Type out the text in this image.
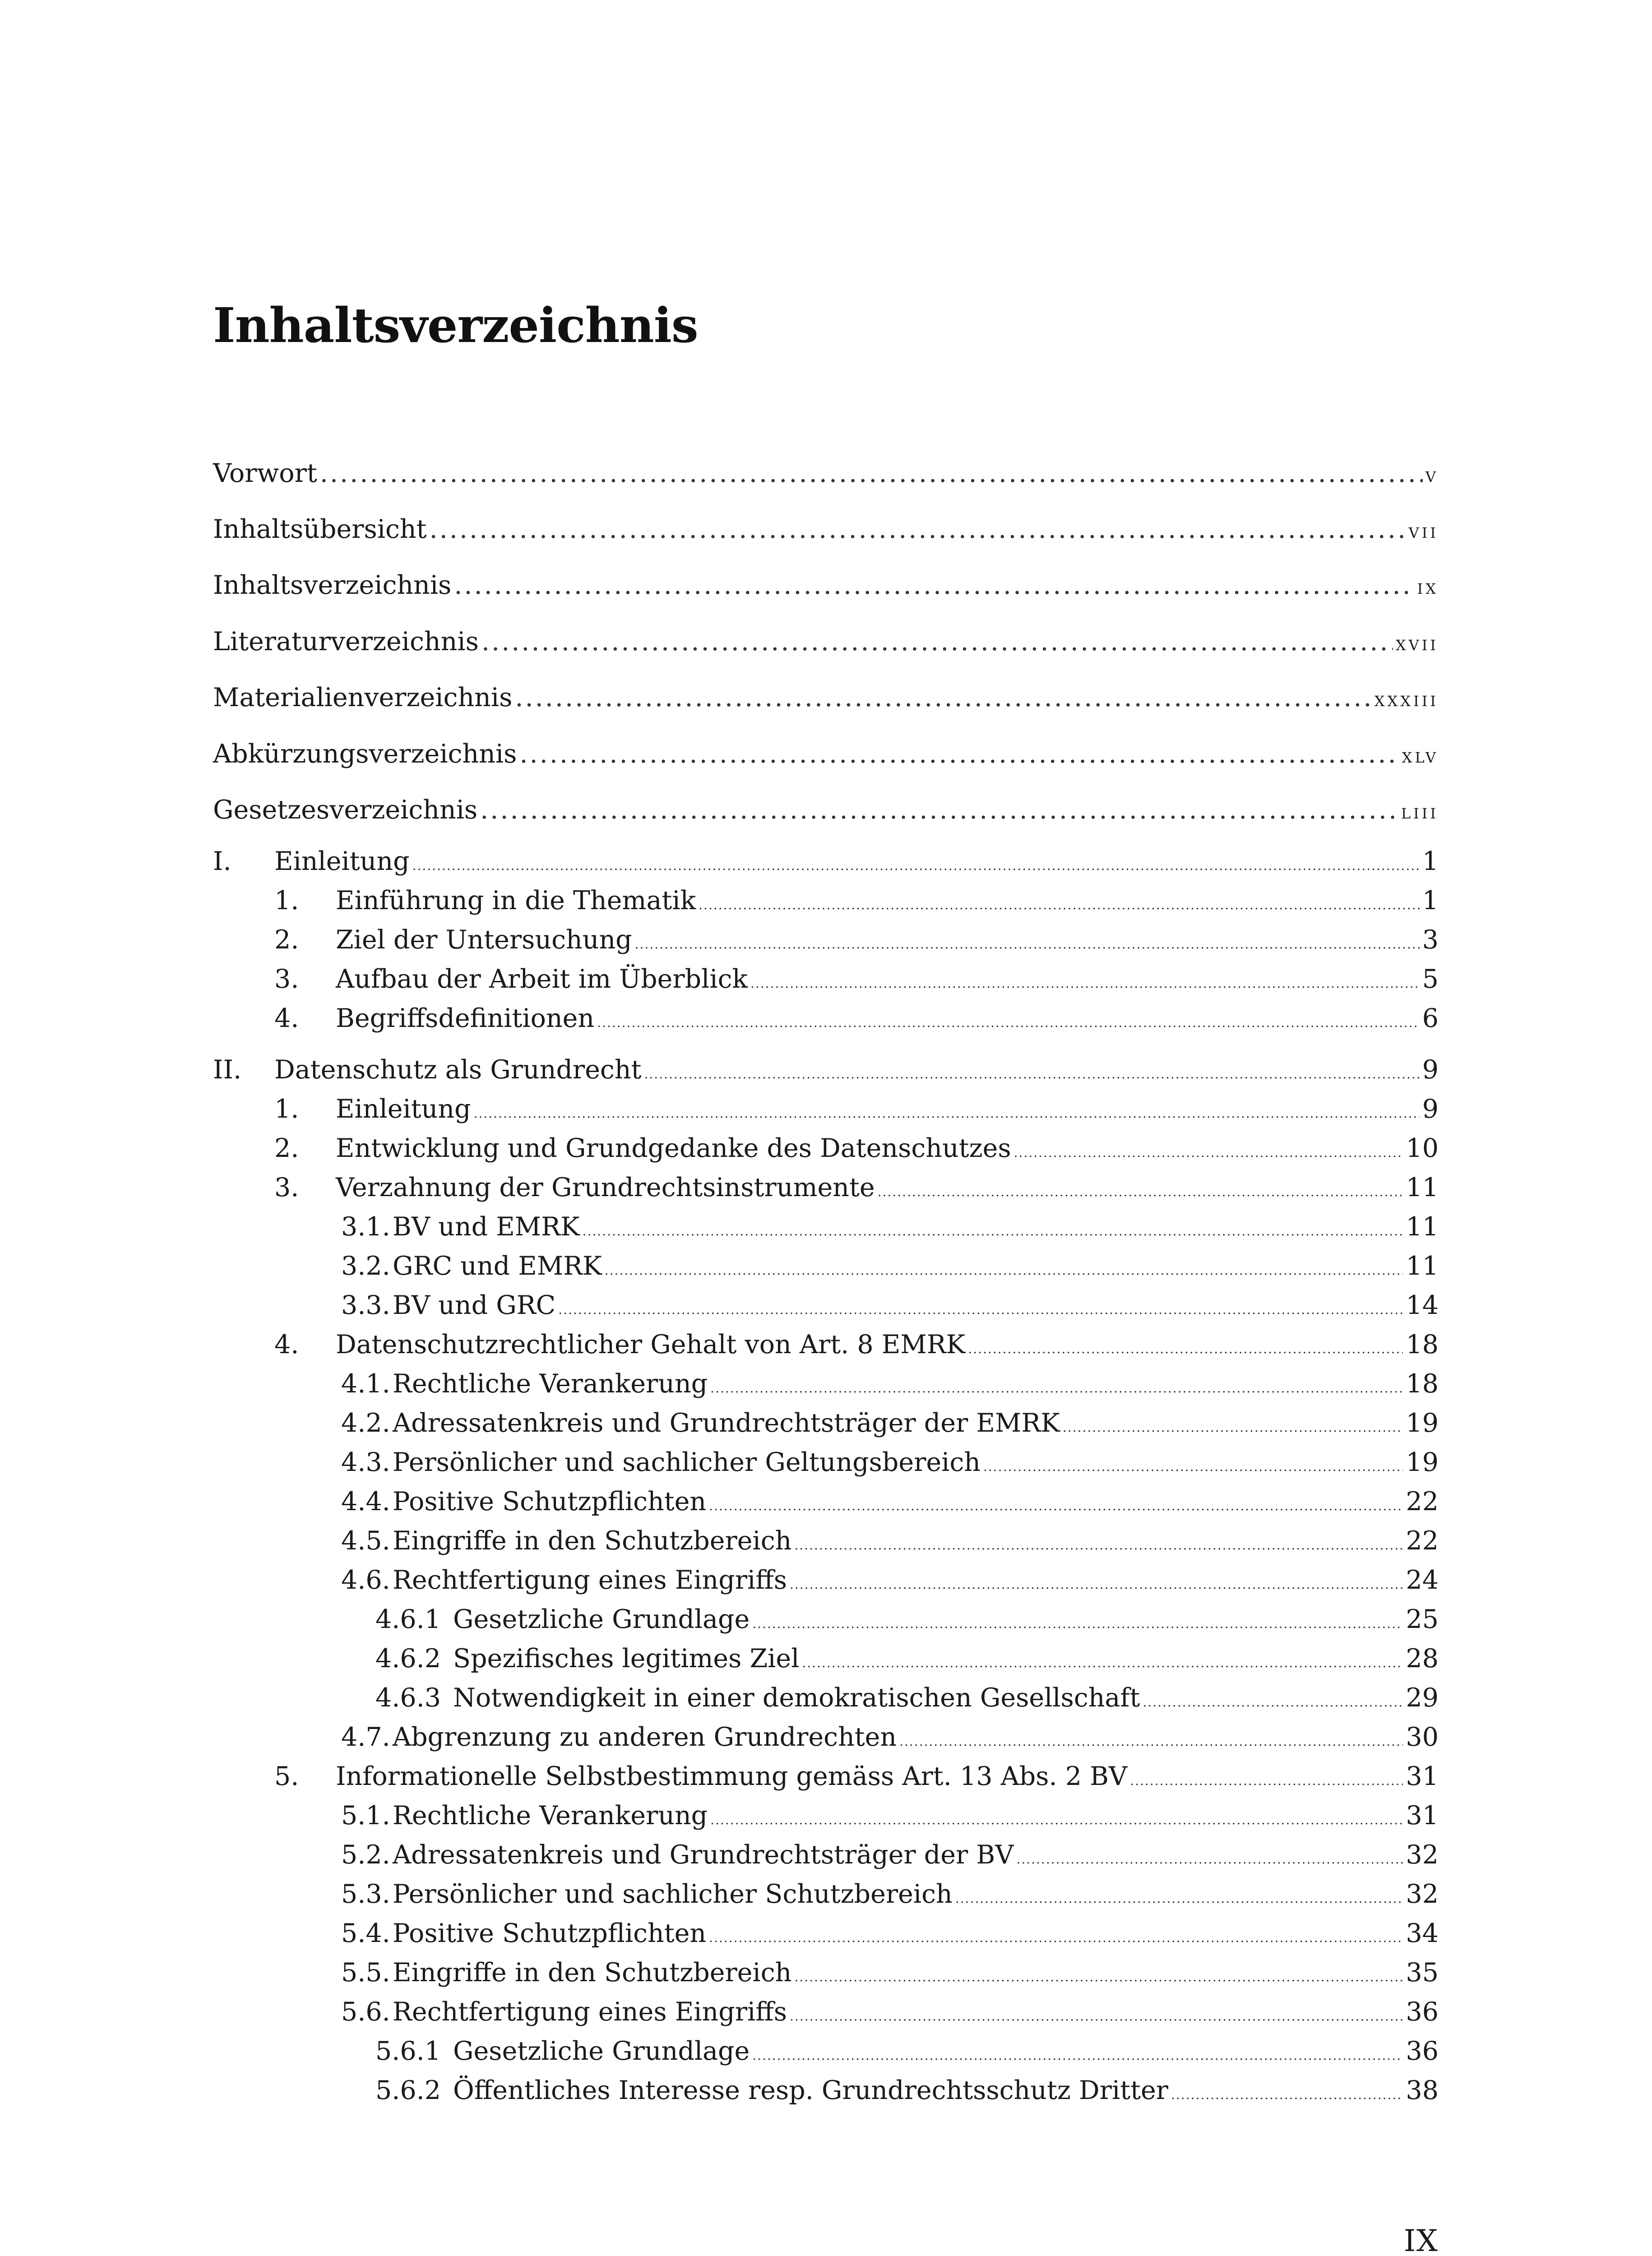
Inhaltsverzeichnis
Vorwort .....	v
Inhaltsübersicht .....	vii
Inhaltsverzeichnis .....	ix
Literaturverzeichnis .....	xvii
Materialienverzeichnis .....	xxxiii
Abkürzungsverzeichnis .....	xlv
Gesetzesverzeichnis .....	liii
I.	Einleitung .....	1
1.	Einführung in die Thematik .....	1
2.	Ziel der Untersuchung .....	3
3.	Aufbau der Arbeit im Überblick .....	5
4.	Begriffsdefinitionen .....	6
II.	Datenschutz als Grundrecht .....	9
1.	Einleitung .....	9
2.	Entwicklung und Grundgedanke des Datenschutzes .....	10
3.	Verzahnung der Grundrechtsinstrumente .....	11
3.1. BV und EMRK .....	11
3.2. GRC und EMRK .....	11
3.3. BV und GRC .....	14
4.	Datenschutzrechtlicher Gehalt von Art. 8 EMRK .....	18
4.1. Rechtliche Verankerung .....	18
4.2. Adressatenkreis und Grundrechtsträger der EMRK .....	19
4.3. Persönlicher und sachlicher Geltungsbereich .....	19
4.4. Positive Schutzpflichten .....	22
4.5. Eingriffe in den Schutzbereich .....	22
4.6. Rechtfertigung eines Eingriffs .....	24
4.6.1 Gesetzliche Grundlage .....	25
4.6.2 Spezifisches legitimes Ziel .....	28
4.6.3 Notwendigkeit in einer demokratischen Gesellschaft .....	29
4.7. Abgrenzung zu anderen Grundrechten .....	30
5.	Informationelle Selbstbestimmung gemäss Art. 13 Abs. 2 BV .....	31
5.1. Rechtliche Verankerung .....	31
5.2. Adressatenkreis und Grundrechtsträger der BV .....	32
5.3. Persönlicher und sachlicher Schutzbereich .....	32
5.4. Positive Schutzpflichten .....	34
5.5. Eingriffe in den Schutzbereich .....	35
5.6. Rechtfertigung eines Eingriffs .....	36
5.6.1 Gesetzliche Grundlage .....	36
5.6.2 Öffentliches Interesse resp. Grundrechtsschutz Dritter .....	38
IX
